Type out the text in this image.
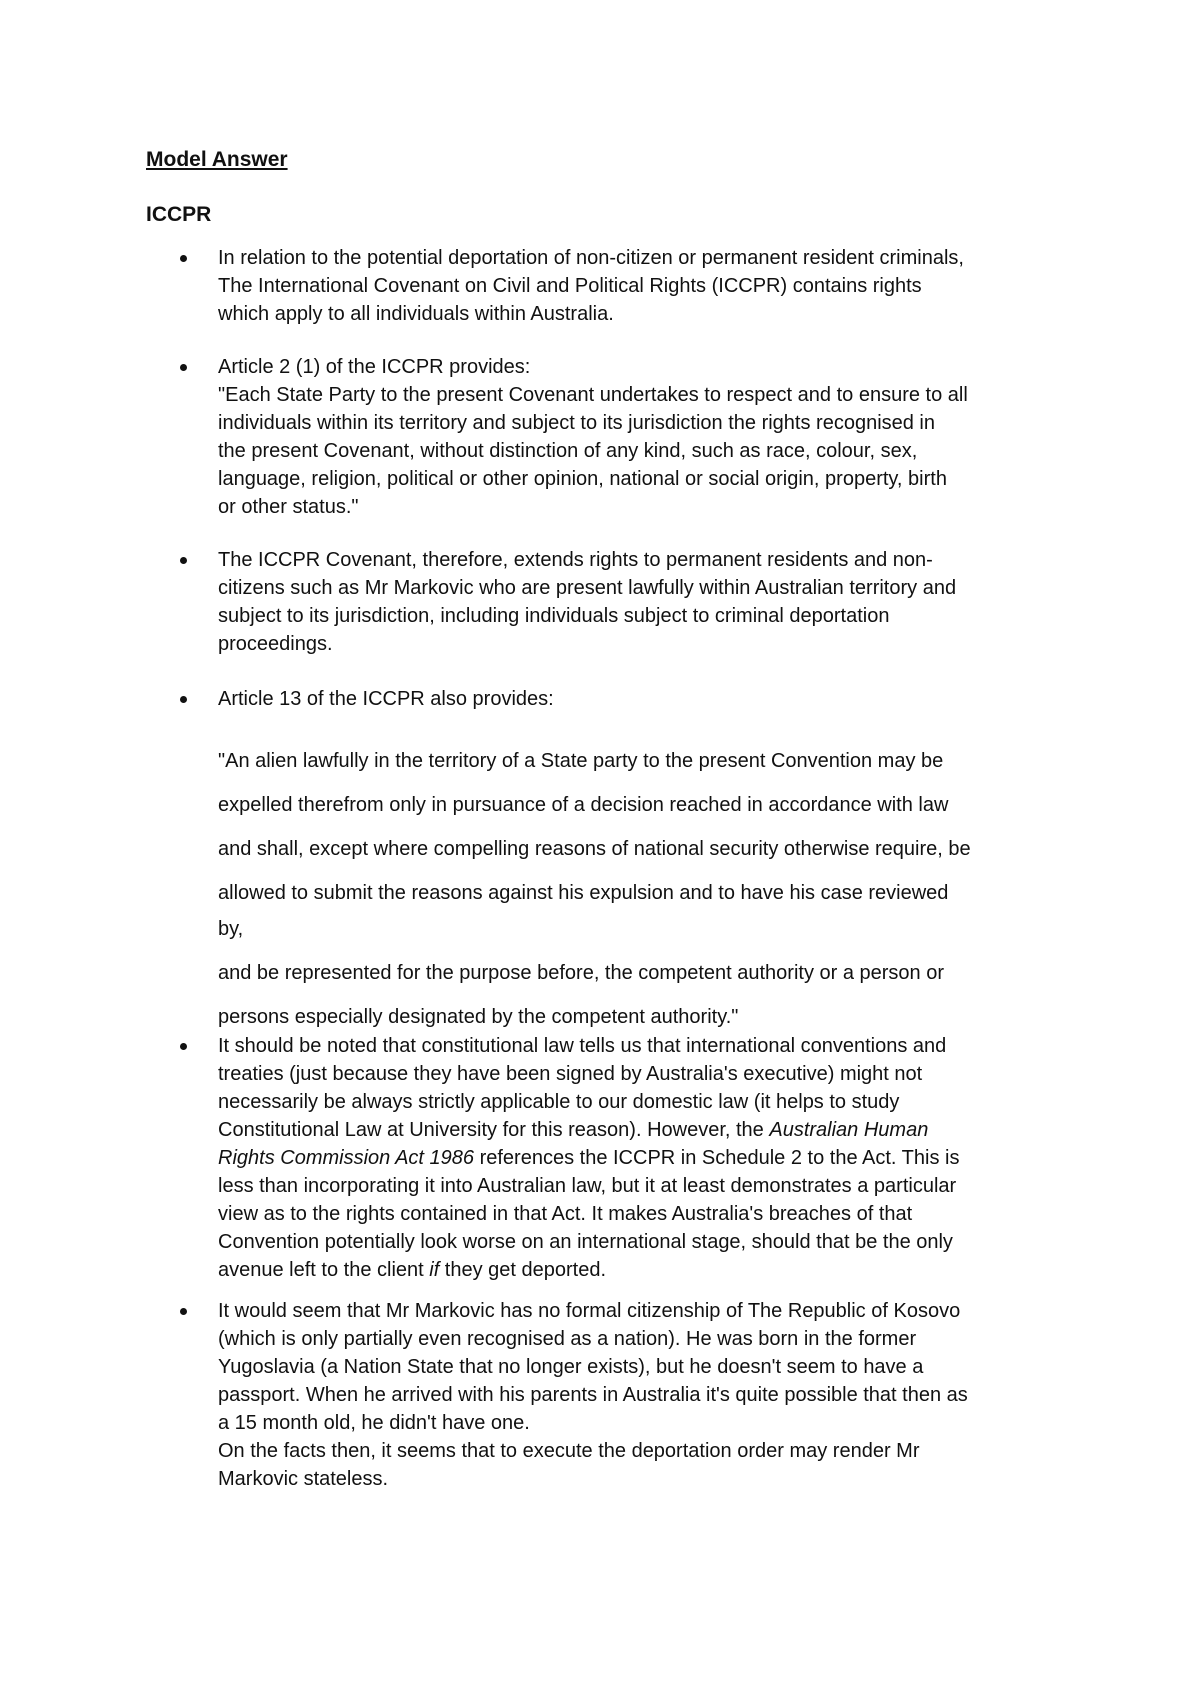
Model Answer
ICCPR
In relation to the potential deportation of non-citizen or permanent resident criminals,
The International Covenant on Civil and Political Rights (ICCPR) contains rights
which apply to all individuals within Australia.
Article 2 (1) of the ICCPR provides:
"Each State Party to the present Covenant undertakes to respect and to ensure to all
individuals within its territory and subject to its jurisdiction the rights recognised in
the present Covenant, without distinction of any kind, such as race, colour, sex,
language, religion, political or other opinion, national or social origin, property, birth
or other status."
The ICCPR Covenant, therefore, extends rights to permanent residents and non-
citizens such as Mr Markovic who are present lawfully within Australian territory and
subject to its jurisdiction, including individuals subject to criminal deportation
proceedings.
Article 13 of the ICCPR also provides:
"An alien lawfully in the territory of a State party to the present Convention may be
expelled therefrom only in pursuance of a decision reached in accordance with law
and shall, except where compelling reasons of national security otherwise require, be
allowed to submit the reasons against his expulsion and to have his case reviewed
by,
and be represented for the purpose before, the competent authority or a person or
persons especially designated by the competent authority."
It should be noted that constitutional law tells us that international conventions and
treaties (just because they have been signed by Australia's executive) might not
necessarily be always strictly applicable to our domestic law (it helps to study
Constitutional Law at University for this reason). However, the Australian Human
Rights Commission Act 1986 references the ICCPR in Schedule 2 to the Act. This is
less than incorporating it into Australian law, but it at least demonstrates a particular
view as to the rights contained in that Act. It makes Australia's breaches of that
Convention potentially look worse on an international stage, should that be the only
avenue left to the client if they get deported.
It would seem that Mr Markovic has no formal citizenship of The Republic of Kosovo
(which is only partially even recognised as a nation). He was born in the former
Yugoslavia (a Nation State that no longer exists), but he doesn't seem to have a
passport. When he arrived with his parents in Australia it's quite possible that then as
a 15 month old, he didn't have one.
On the facts then, it seems that to execute the deportation order may render Mr
Markovic stateless.
